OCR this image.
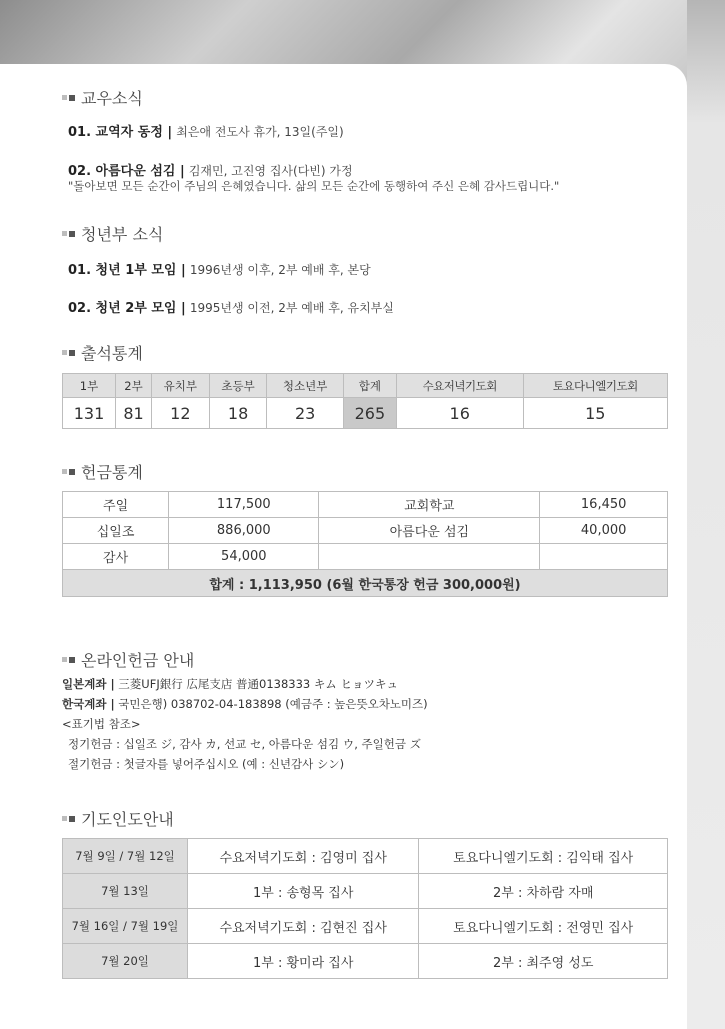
교우소식
01. 교역자 동정 | 최은애 전도사 휴가, 13일(주일)
02. 아름다운 섬김 | 김재민, 고진영 집사(다빈) 가정
"돌아보면 모든 순간이 주님의 은혜였습니다. 삶의 모든 순간에 동행하여 주신 은혜 감사드립니다."
청년부 소식
01. 청년 1부 모임 | 1996년생 이후, 2부 예배 후, 본당
02. 청년 2부 모임 | 1995년생 이전, 2부 예배 후, 유치부실
출석통계
1부	2부	유치부	초등부	청소년부	합계	수요저녁기도회	토요다니엘기도회
131	81	12	18	23	265	16	15
헌금통계
주일	117,500	교회학교	16,450
십일조	886,000	아름다운 섬김	40,000
감사	54,000		
합계 : 1,113,950 (6월 한국통장 헌금 300,000원)			
온라인헌금 안내
일본계좌 | 三菱UFJ銀行 広尾支店 普通0138333 キム ヒョツキュ
한국계좌 | 국민은행) 038702-04-183898 (예금주 : 높은뜻오차노미즈)
<표기법 참조>
정기헌금 : 십일조 ジ, 감사 カ, 선교 セ, 아름다운 섬김 ウ, 주일헌금 ズ
절기헌금 : 첫글자를 넣어주십시오 (예 : 신년감사 シン)
기도인도안내
7월 9일 / 7월 12일	수요저녁기도회 : 김영미 집사	토요다니엘기도회 : 김익태 집사
7월 13일	1부 : 송형목 집사	2부 : 차하람 자매
7월 16일 / 7월 19일	수요저녁기도회 : 김현진 집사	토요다니엘기도회 : 전영민 집사
7월 20일	1부 : 황미라 집사	2부 : 최주영 성도
